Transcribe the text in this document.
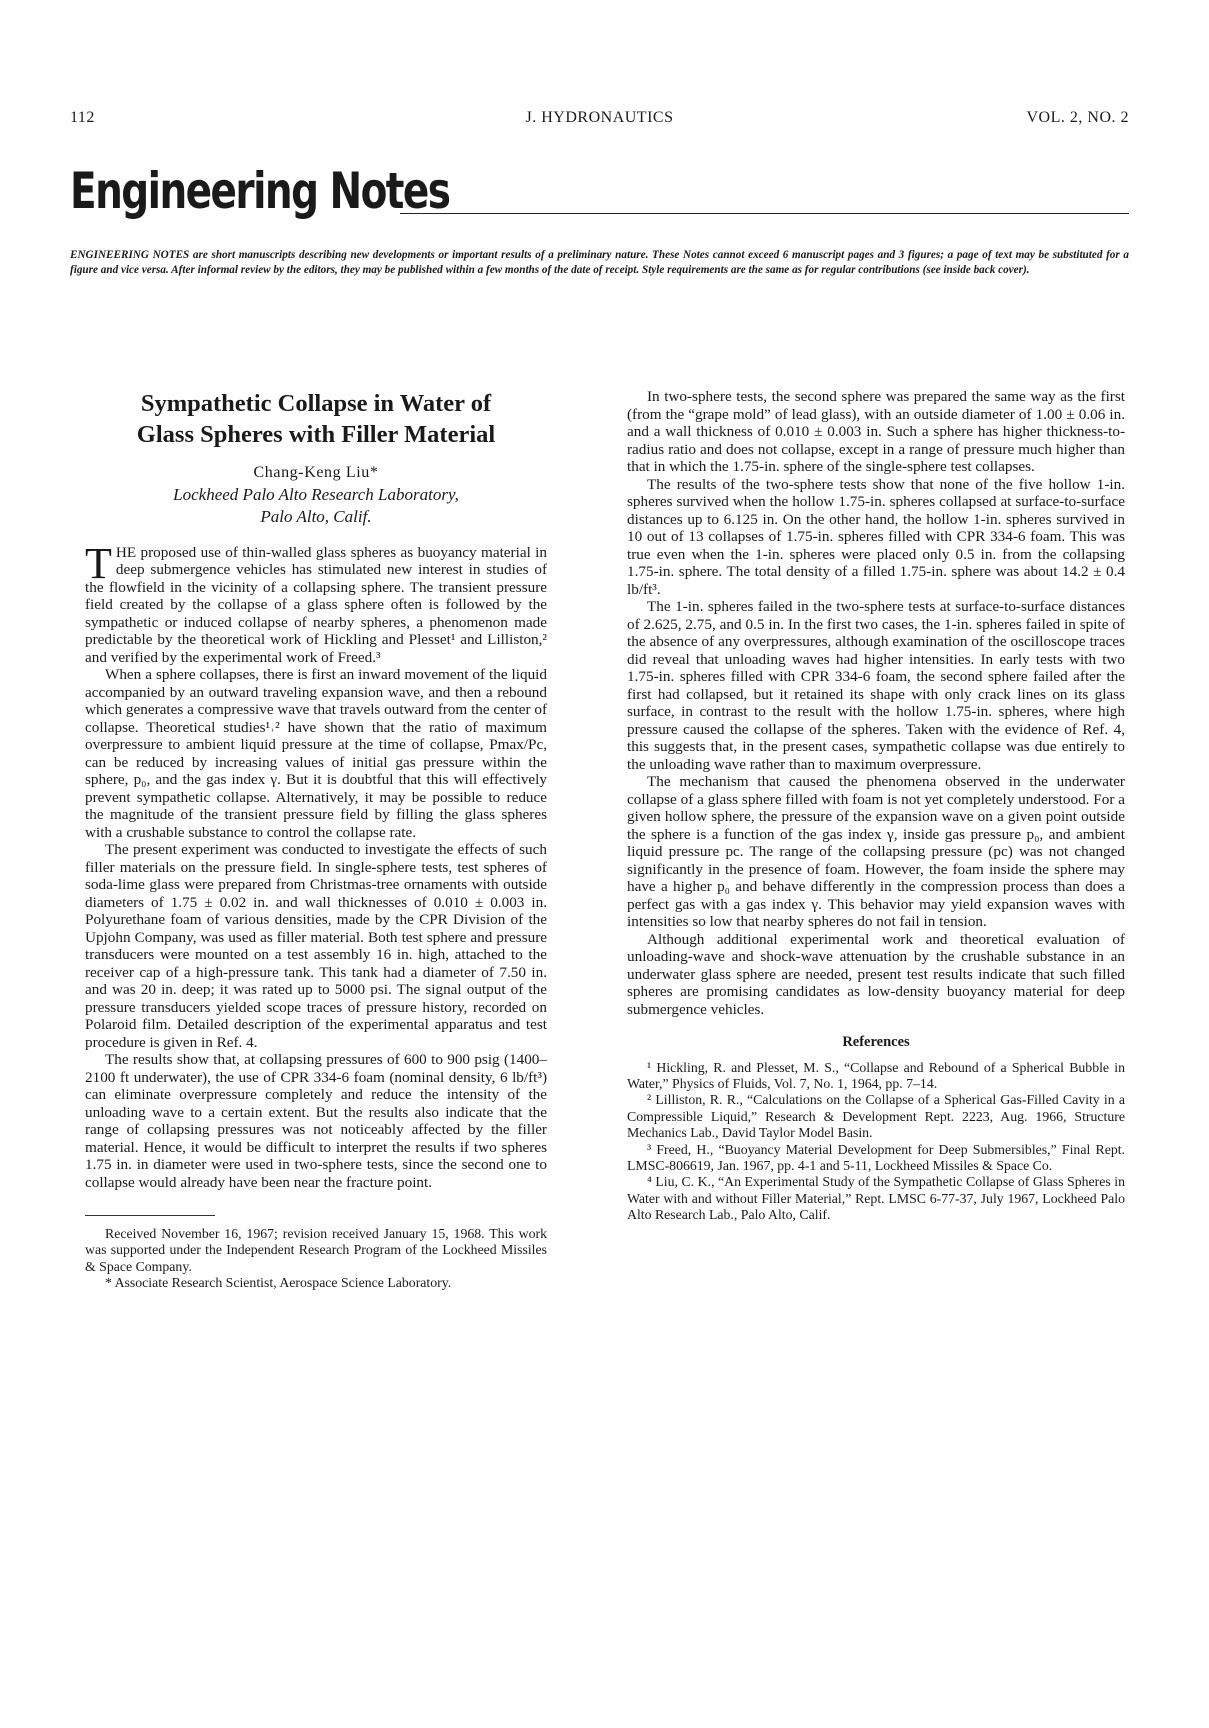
112	J. HYDRONAUTICS	VOL. 2, NO. 2
Engineering Notes
ENGINEERING NOTES are short manuscripts describing new developments or important results of a preliminary nature. These Notes cannot exceed 6 manuscript pages and 3 figures; a page of text may be substituted for a figure and vice versa. After informal review by the editors, they may be published within a few months of the date of receipt. Style requirements are the same as for regular contributions (see inside back cover).
Sympathetic Collapse in Water of
Glass Spheres with Filler Material
Chang-Keng Liu*
Lockheed Palo Alto Research Laboratory,
Palo Alto, Calif.

THE proposed use of thin-walled glass spheres as buoyancy material in deep submergence vehicles has stimulated new interest in studies of the flowfield in the vicinity of a collapsing sphere. The transient pressure field created by the collapse of a glass sphere often is followed by the sympathetic or induced collapse of nearby spheres, a phenomenon made predictable by the theoretical work of Hickling and Plesset¹ and Lilliston,² and verified by the experimental work of Freed.³

When a sphere collapses, there is first an inward movement of the liquid accompanied by an outward traveling expansion wave, and then a rebound which generates a compressive wave that travels outward from the center of collapse. Theoretical studies¹˒² have shown that the ratio of maximum overpressure to ambient liquid pressure at the time of collapse, Pmax/Pc, can be reduced by increasing values of initial gas pressure within the sphere, p₀, and the gas index γ. But it is doubtful that this will effectively prevent sympathetic collapse. Alternatively, it may be possible to reduce the magnitude of the transient pressure field by filling the glass spheres with a crushable substance to control the collapse rate.

The present experiment was conducted to investigate the effects of such filler materials on the pressure field. In single-sphere tests, test spheres of soda-lime glass were prepared from Christmas-tree ornaments with outside diameters of 1.75 ± 0.02 in. and wall thicknesses of 0.010 ± 0.003 in. Polyurethane foam of various densities, made by the CPR Division of the Upjohn Company, was used as filler material. Both test sphere and pressure transducers were mounted on a test assembly 16 in. high, attached to the receiver cap of a high-pressure tank. This tank had a diameter of 7.50 in. and was 20 in. deep; it was rated up to 5000 psi. The signal output of the pressure transducers yielded scope traces of pressure history, recorded on Polaroid film. Detailed description of the experimental apparatus and test procedure is given in Ref. 4.

The results show that, at collapsing pressures of 600 to 900 psig (1400–2100 ft underwater), the use of CPR 334-6 foam (nominal density, 6 lb/ft³) can eliminate overpressure completely and reduce the intensity of the unloading wave to a certain extent. But the results also indicate that the range of collapsing pressures was not noticeably affected by the filler material. Hence, it would be difficult to interpret the results if two spheres 1.75 in. in diameter were used in two-sphere tests, since the second one to collapse would already have been near the fracture point.

Received November 16, 1967; revision received January 15, 1968. This work was supported under the Independent Research Program of the Lockheed Missiles & Space Company.

* Associate Research Scientist, Aerospace Science Laboratory.

In two-sphere tests, the second sphere was prepared the same way as the first (from the “grape mold” of lead glass), with an outside diameter of 1.00 ± 0.06 in. and a wall thickness of 0.010 ± 0.003 in. Such a sphere has higher thickness-to-radius ratio and does not collapse, except in a range of pressure much higher than that in which the 1.75-in. sphere of the single-sphere test collapses.

The results of the two-sphere tests show that none of the five hollow 1-in. spheres survived when the hollow 1.75-in. spheres collapsed at surface-to-surface distances up to 6.125 in. On the other hand, the hollow 1-in. spheres survived in 10 out of 13 collapses of 1.75-in. spheres filled with CPR 334-6 foam. This was true even when the 1-in. spheres were placed only 0.5 in. from the collapsing 1.75-in. sphere. The total density of a filled 1.75-in. sphere was about 14.2 ± 0.4 lb/ft³.

The 1-in. spheres failed in the two-sphere tests at surface-to-surface distances of 2.625, 2.75, and 0.5 in. In the first two cases, the 1-in. spheres failed in spite of the absence of any overpressures, although examination of the oscilloscope traces did reveal that unloading waves had higher intensities. In early tests with two 1.75-in. spheres filled with CPR 334-6 foam, the second sphere failed after the first had collapsed, but it retained its shape with only crack lines on its glass surface, in contrast to the result with the hollow 1.75-in. spheres, where high pressure caused the collapse of the spheres. Taken with the evidence of Ref. 4, this suggests that, in the present cases, sympathetic collapse was due entirely to the unloading wave rather than to maximum overpressure.

The mechanism that caused the phenomena observed in the underwater collapse of a glass sphere filled with foam is not yet completely understood. For a given hollow sphere, the pressure of the expansion wave on a given point outside the sphere is a function of the gas index γ, inside gas pressure p₀, and ambient liquid pressure pc. The range of the collapsing pressure (pc) was not changed significantly in the presence of foam. However, the foam inside the sphere may have a higher p₀ and behave differently in the compression process than does a perfect gas with a gas index γ. This behavior may yield expansion waves with intensities so low that nearby spheres do not fail in tension.

Although additional experimental work and theoretical evaluation of unloading-wave and shock-wave attenuation by the crushable substance in an underwater glass sphere are needed, present test results indicate that such filled spheres are promising candidates as low-density buoyancy material for deep submergence vehicles.

References

¹ Hickling, R. and Plesset, M. S., “Collapse and Rebound of a Spherical Bubble in Water,” Physics of Fluids, Vol. 7, No. 1, 1964, pp. 7–14.

² Lilliston, R. R., “Calculations on the Collapse of a Spherical Gas-Filled Cavity in a Compressible Liquid,” Research & Development Rept. 2223, Aug. 1966, Structure Mechanics Lab., David Taylor Model Basin.

³ Freed, H., “Buoyancy Material Development for Deep Submersibles,” Final Rept. LMSC-806619, Jan. 1967, pp. 4-1 and 5-11, Lockheed Missiles & Space Co.

⁴ Liu, C. K., “An Experimental Study of the Sympathetic Collapse of Glass Spheres in Water with and without Filler Material,” Rept. LMSC 6-77-37, July 1967, Lockheed Palo Alto Research Lab., Palo Alto, Calif.
